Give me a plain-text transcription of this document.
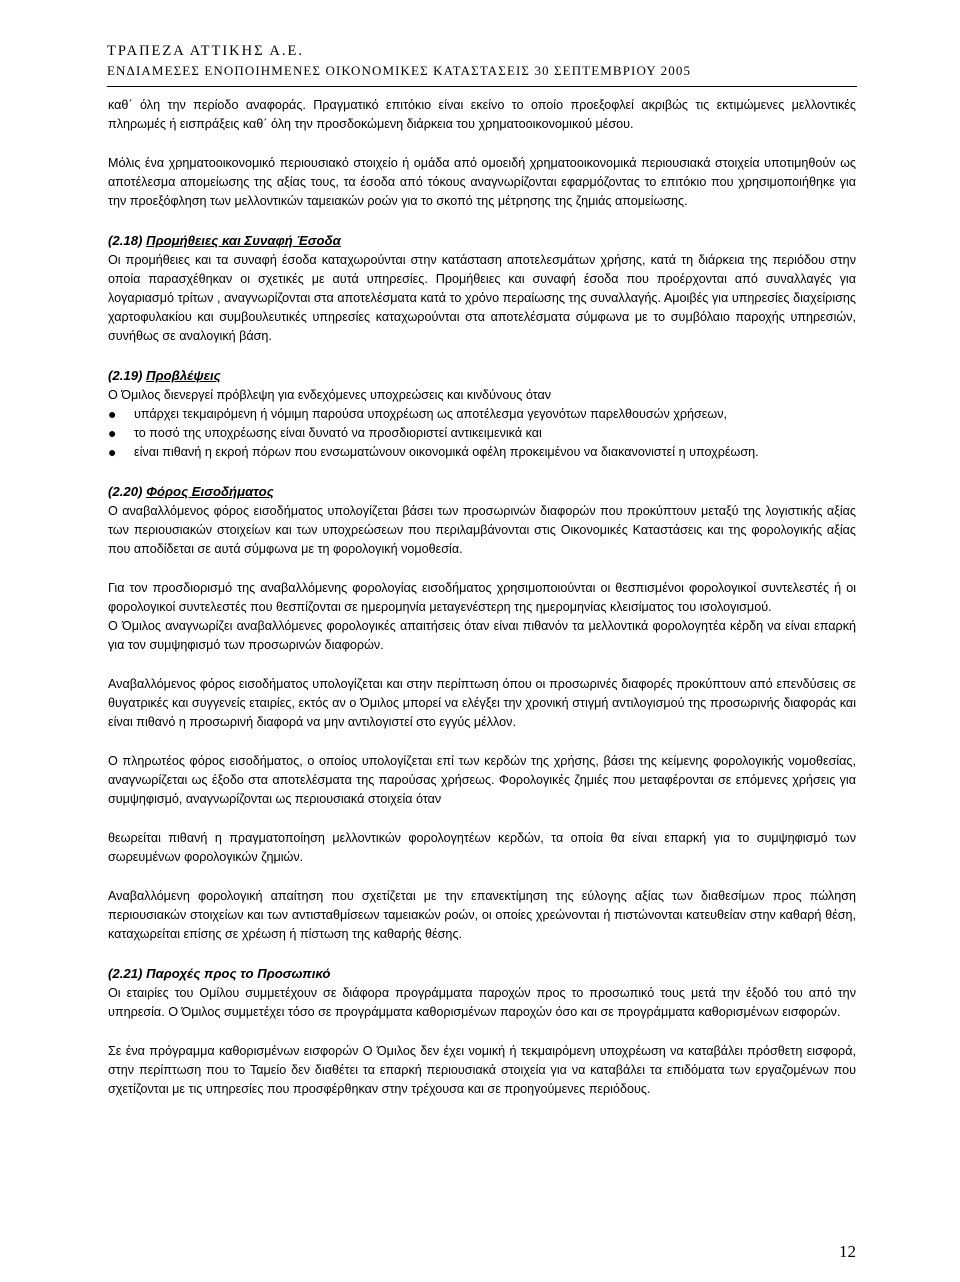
ΤΡΑΠΕΖΑ ΑΤΤΙΚΗΣ Α.Ε.
ΕΝΔΙΑΜΕΣΕΣ ΕΝΟΠΟΙΗΜΕΝΕΣ ΟΙΚΟΝΟΜΙΚΕΣ ΚΑΤΑΣΤΑΣΕΙΣ 30 ΣΕΠΤΕΜΒΡΙΟΥ 2005

καθ΄ όλη την περίοδο αναφοράς. Πραγματικό επιτόκιο είναι εκείνο το οποίο προεξοφλεί ακριβώς τις εκτιμώμενες μελλοντικές πληρωμές ή εισπράξεις καθ΄ όλη την προσδοκώμενη διάρκεια του χρηματοοικονομικού μέσου.

Μόλις ένα χρηματοοικονομικό περιουσιακό στοιχείο ή ομάδα από ομοειδή χρηματοοικονομικά περιουσιακά στοιχεία υποτιμηθούν ως αποτέλεσμα απομείωσης της αξίας τους, τα έσοδα από τόκους αναγνωρίζονται εφαρμόζοντας το επιτόκιο που χρησιμοποιήθηκε για την προεξόφληση των μελλοντικών ταμειακών ροών για το σκοπό της μέτρησης της ζημιάς απομείωσης.

(2.18) Προμήθειες και Συναφή Έσοδα

Οι προμήθειες και τα συναφή έσοδα καταχωρούνται στην κατάσταση αποτελεσμάτων χρήσης, κατά τη διάρκεια της περιόδου στην οποία παρασχέθηκαν οι σχετικές με αυτά υπηρεσίες. Προμήθειες και συναφή έσοδα που προέρχονται από συναλλαγές για λογαριασμό τρίτων , αναγνωρίζονται στα αποτελέσματα κατά το χρόνο περαίωσης της συναλλαγής. Αμοιβές για υπηρεσίες διαχείρισης χαρτοφυλακίου και συμβουλευτικές υπηρεσίες καταχωρούνται στα αποτελέσματα σύμφωνα με το συμβόλαιο παροχής υπηρεσιών, συνήθως σε αναλογική βάση.

(2.19) Προβλέψεις

Ο Όμιλος διενεργεί πρόβλεψη για ενδεχόμενες υποχρεώσεις και κινδύνους όταν

● υπάρχει τεκμαιρόμενη ή νόμιμη παρούσα υποχρέωση ως αποτέλεσμα γεγονότων παρελθουσών χρήσεων,
● το ποσό της υποχρέωσης είναι δυνατό να προσδιοριστεί αντικειμενικά και
● είναι πιθανή η εκροή πόρων που ενσωματώνουν οικονομικά οφέλη προκειμένου να διακανονιστεί η υποχρέωση.
(2.20) Φόρος Εισοδήματος

Ο αναβαλλόμενος φόρος εισοδήματος υπολογίζεται βάσει των προσωρινών διαφορών που προκύπτουν μεταξύ της λογιστικής αξίας των περιουσιακών στοιχείων και των υποχρεώσεων που περιλαμβάνονται στις Οικονομικές Καταστάσεις και της φορολογικής αξίας που αποδίδεται σε αυτά σύμφωνα με τη φορολογική νομοθεσία.

Για τον προσδιορισμό της αναβαλλόμενης φορολογίας εισοδήματος χρησιμοποιούνται οι θεσπισμένοι φορολογικοί συντελεστές ή οι φορολογικοί συντελεστές που θεσπίζονται σε ημερομηνία μεταγενέστερη της ημερομηνίας κλεισίματος του ισολογισμού.

Ο Όμιλος αναγνωρίζει αναβαλλόμενες φορολογικές απαιτήσεις όταν είναι πιθανόν τα μελλοντικά φορολογητέα κέρδη να είναι επαρκή για τον συμψηφισμό των προσωρινών διαφορών.

Αναβαλλόμενος φόρος εισοδήματος υπολογίζεται και στην περίπτωση όπου οι προσωρινές διαφορές προκύπτουν από επενδύσεις σε θυγατρικές και συγγενείς εταιρίες, εκτός αν ο Όμιλος μπορεί να ελέγξει την χρονική στιγμή αντιλογισμού της προσωρινής διαφοράς και είναι πιθανό η προσωρινή διαφορά να μην αντιλογιστεί στο εγγύς μέλλον.

Ο πληρωτέος φόρος εισοδήματος, ο οποίος υπολογίζεται επί των κερδών της χρήσης, βάσει της κείμενης φορολογικής νομοθεσίας, αναγνωρίζεται ως έξοδο στα αποτελέσματα της παρούσας χρήσεως. Φορολογικές ζημιές που μεταφέρονται σε επόμενες χρήσεις για συμψηφισμό, αναγνωρίζονται ως περιουσιακά στοιχεία όταν

θεωρείται πιθανή η πραγματοποίηση μελλοντικών φορολογητέων κερδών, τα οποία θα είναι επαρκή για το συμψηφισμό των σωρευμένων φορολογικών ζημιών.

Αναβαλλόμενη φορολογική απαίτηση που σχετίζεται με την επανεκτίμηση της εύλογης αξίας των διαθεσίμων προς πώληση περιουσιακών στοιχείων και των αντισταθμίσεων ταμειακών ροών, οι οποίες χρεώνονται ή πιστώνονται κατευθείαν στην καθαρή θέση, καταχωρείται επίσης σε χρέωση ή πίστωση της καθαρής θέσης.

(2.21) Παροχές προς το Προσωπικό

Οι εταιρίες του Ομίλου συμμετέχουν σε διάφορα προγράμματα παροχών προς το προσωπικό τους μετά την έξοδό του από την υπηρεσία. Ο Όμιλος συμμετέχει τόσο σε προγράμματα καθορισμένων παροχών όσο και σε προγράμματα καθορισμένων εισφορών.

Σε ένα πρόγραμμα καθορισμένων εισφορών Ο Όμιλος δεν έχει νομική ή τεκμαιρόμενη υποχρέωση να καταβάλει πρόσθετη εισφορά, στην περίπτωση που το Ταμείο δεν διαθέτει τα επαρκή περιουσιακά στοιχεία για να καταβάλει τα επιδόματα των εργαζομένων που σχετίζονται με τις υπηρεσίες που προσφέρθηκαν στην τρέχουσα και σε προηγούμενες περιόδους.

12
